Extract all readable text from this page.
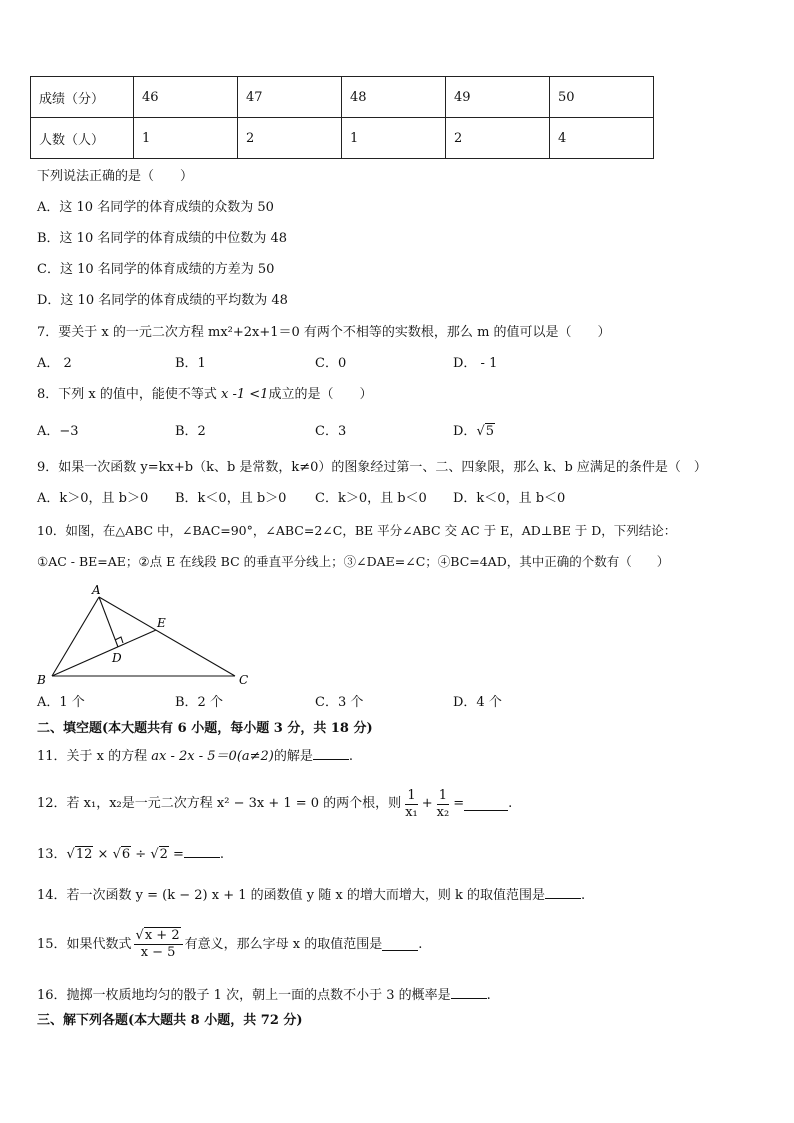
成绩（分）	46	47	48	49	50
人数（人）	1	2	1	2	4
下列说法正确的是（　　）
A．这 10 名同学的体育成绩的众数为 50
B．这 10 名同学的体育成绩的中位数为 48
C．这 10 名同学的体育成绩的方差为 50
D．这 10 名同学的体育成绩的平均数为 48
7．要关于 x 的一元二次方程 mx²+2x+1＝0 有两个不相等的实数根，那么 m 的值可以是（　　）
A． 2	B．1	C．0	D． - 1
8．下列 x 的值中，能使不等式 x -1 <1成立的是（　　）
A．−3	B．2	C．3	D．√5
9．如果一次函数 y=kx+b（k、b 是常数，k≠0）的图象经过第一、二、四象限，那么 k、b 应满足的条件是（　）
A．k＞0，且 b＞0 B．k＜0，且 b＞0 C．k＞0，且 b＜0 D．k＜0，且 b＜0
10．如图，在△ABC 中，∠BAC=90°，∠ABC=2∠C，BE 平分∠ABC 交 AC 于 E，AD⊥BE 于 D，下列结论：
①AC - BE=AE；②点 E 在线段 BC 的垂直平分线上；③∠DAE=∠C；④BC=4AD，其中正确的个数有（　　）
A
B	C
D
E
A．1 个	B．2 个	C．3 个	D．4 个
二、填空题(本大题共有 6 小题，每小题 3 分，共 18 分)
11．关于 x 的方程 ax - 2x - 5＝0(a≠2)的解是	.
12．若 x₁，x₂是一元二次方程 x² − 3x + 1 = 0 的两个根，则 $\frac{1}{\text{x₁}} + \frac{1}{\text{x₂}}$ =	.
13．√12 × √6 ÷ √2 =	.
14．若一次函数 y = (k − 2) x + 1 的函数值 y 随 x 的增大而增大，则 k 的取值范围是	.
15．如果代数式 $\frac{√x + 2}{x - 5}$ 有意义，那么字母 x 的取值范围是	.
16．抛掷一枚质地均匀的骰子 1 次，朝上一面的点数不小于 3 的概率是	.
三、解下列各题(本大题共 8 小题，共 72 分)
